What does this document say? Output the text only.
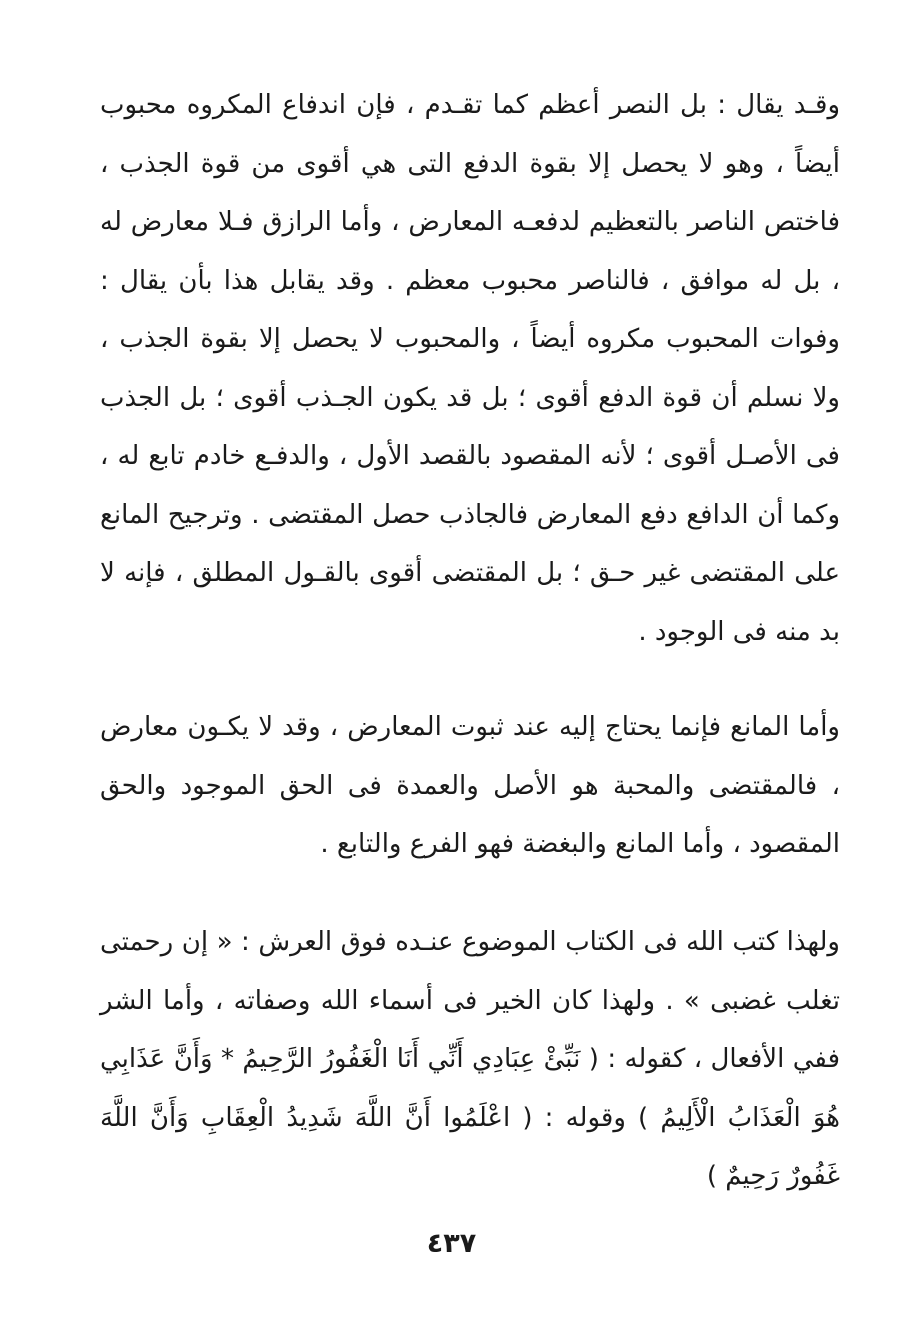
وقـد يقال : بل النصر أعظم كما تقـدم ، فإن اندفاع المكروه محبوب أيضاً ، وهو لا يحصل إلا بقوة الدفع التى هي أقوى من قوة الجذب ، فاختص الناصر بالتعظيم لدفعـه المعارض ، وأما الرازق فـلا معارض له ، بل له موافق ، فالناصر محبوب معظم . وقد يقابل هذا بأن يقال : وفوات المحبوب مكروه أيضاً ، والمحبوب لا يحصل إلا بقوة الجذب ، ولا نسلم أن قوة الدفع أقوى ؛ بل قد يكون الجـذب أقوى ؛ بل الجذب فى الأصـل أقوى ؛ لأنه المقصود بالقصد الأول ، والدفـع خادم تابع له ، وكما أن الدافع دفع المعارض فالجاذب حصل المقتضى . وترجيح المانع على المقتضى غير حـق ؛ بل المقتضى أقوى بالقـول المطلق ، فإنه لا بد منه فى الوجود .

وأما المانع فإنما يحتاج إليه عند ثبوت المعارض ، وقد لا يكـون معارض ، فالمقتضى والمحبة هو الأصل والعمدة فى الحق الموجود والحق المقصود ، وأما المانع والبغضة فهو الفرع والتابع .

ولهذا كتب الله فى الكتاب الموضوع عنـده فوق العرش : « إن رحمتى تغلب غضبى » . ولهذا كان الخير فى أسماء الله وصفاته ، وأما الشر ففي الأفعال ، كقوله : ( نَبِّئْ عِبَادِي أَنِّي أَنَا الْغَفُورُ الرَّحِيمُ * وَأَنَّ عَذَابِي هُوَ الْعَذَابُ الْأَلِيمُ ) وقوله : ( اعْلَمُوا أَنَّ اللَّهَ شَدِيدُ الْعِقَابِ وَأَنَّ اللَّهَ غَفُورٌ رَحِيمٌ )

٤٣٧
